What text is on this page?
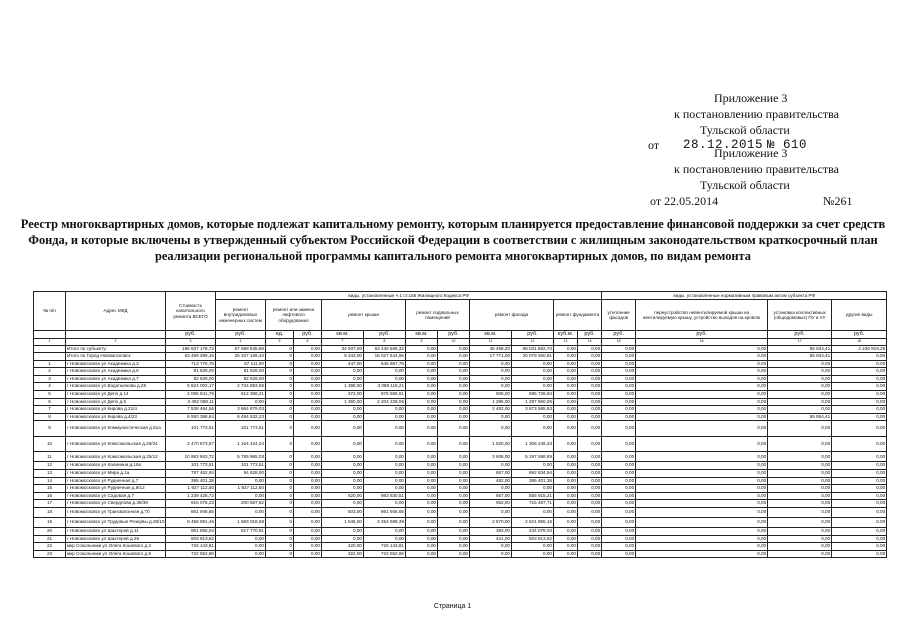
Приложение 3
к постановлению правительства
Тульской области
от 28.12.2015 № 610
Приложение 3
к постановлению правительства
Тульской области
от 22.05.2014	№261
Реестр многоквартирных домов, которые подлежат капитальному ремонту, которым планируется предоставление финансовой поддержки за счет средств Фонда, и которые включены в утвержденный субъектом Российской Федерации в соответствии с жилищным законодательством краткосрочный план реализации региональной программы капитального ремонта многоквартирных домов, по видам ремонта
№ п/п	Адрес МКД	Стоимость капитального ремонта ВСЕГО	виды, установленные ч.1 ст.166 Жилищного Кодекса РФ											виды, установленные нормативным правовым актом субъекта РФ			
			ремонт внутридомовых инженерных систем	ремонт или замена лифтового оборудования		ремонт крыши		ремонт подвальных помещений		ремонт фасада		ремонт фундамента		утепление фасадов	переустройство невентилируемой крыши на вентилируемую крышу, устройство выходов на кровлю	установка коллективных (общедомовых) ПУ и УУ	другие виды
		руб.	руб.	ед.	руб.	кв.м.	руб.	кв.м.	руб.	кв.м.	руб.	куб.м.	руб.	руб.	руб.	руб.	руб.
1	2	3	4	5	6	7	8	9	10	11	12	13	14	15	16	17	18
	Итого по субъекту:	198 837 178,72	67 068 635,58	0	0,00	34 937,00	63 435 586,32	0,00	0,00	45 498,20	68 031 682,73	0,00	0,00	0,00	0,00	55 834,41	2 226 919,28
	Итого по Город Новомосковск	63 499 389,15	25 337 169,43	0	0,00	9 343,00	18 027 644,86	0,00	0,00	17 771,00	20 079 360,81	0,00	0,00	0,00	0,00	55 834,41	0,00
1	г Новомосковск ул Академика д.3	713 776,76	67 111,00	0	0,00	447,00	646 567,76	0,00	0,00	0,00	0,00	0,00	0,00	0,00	0,00	0,00	0,00
2	г Новомосковск ул Академика д.6	81 629,00	81 629,00	0	0,00	0,00	0,00	0,00	0,00	0,00	0,00	0,00	0,00	0,00	0,00	0,00	0,00
3	г Новомосковск ул Академика д.7	82 629,00	82 629,00	0	0,00	0,00	0,00	0,00	0,00	0,00	0,00	0,00	0,00	0,00	0,00	0,00	0,00
4	г Новомосковск ул Водопьянова д.28	5 824 002,17	2 734 883,96	0	0,00	1 398,00	3 089 118,21	0,00	0,00	0,00	0,00	0,00	0,00	0,00	0,00	0,00	0,00
5	г Новомосковск ул Депо д.14	2 085 541,76	612 368,21	0	0,00	372,00	876 658,61	0,00	0,00	605,00	595 726,94	0,00	0,00	0,00	0,00	0,00	0,00
6	г Новомосковск ул Депо д.5	3 492 088,11	0,00	0	0,00	1 360,00	2 204 228,06	0,00	0,00	1 296,00	1 287 860,05	0,00	0,00	0,00	0,00	0,00	0,00
7	г Новомосковск ул Кирова д.21/4	7 538 464,56	3 664 879,03	0	0,00	0,00	0,00	0,00	0,00	2 482,00	3 873 585,53	0,00	0,00	0,00	0,00	0,00	0,00
8	г Новомосковск ул Кирова д.4/23	6 550 386,64	6 494 532,23	0	0,00	0,00	0,00	0,00	0,00	0,00	0,00	0,00	0,00	0,00	0,00	55 854,41	0,00
9	г Новомосковск ул Коммунистическая д.51а	101 773,51	101 773,51	0	0,00	0,00	0,00	0,00	0,00	0,00	0,00	0,00	0,00	0,00	0,00	0,00	0,00
10	г Новомосковск ул Комсомольская д.26/24	2 470 673,57	1 164 424,24	0	0,00	0,00	0,00	0,00	0,00	1 520,00	1 306 249,33	0,00	0,00	0,00	0,00	0,00	0,00
11	г Новомосковск ул Комсомольская д.25/12	10 983 563,72	5 785 965,03	0	0,00	0,00	0,00	0,00	0,00	3 606,00	5 197 598,69	0,00	0,00	0,00	0,00	0,00	0,00
12	г Новомосковск ул Калинина д.16а	101 773,51	101 773,51	0	0,00	0,00	0,00	0,00	0,00	0,00	0,00	0,00	0,00	0,00	0,00	0,00	0,00
13	г Новомосковск ул Мира д.1а	787 462,94	94 628,00	0	0,00	0,00	0,00	0,00	0,00	857,00	692 834,94	0,00	0,00	0,00	0,00	0,00	0,00
14	г Новомосковск ул Рудничная д.7	395 401,38	0,00	0	0,00	0,00	0,00	0,00	0,00	482,00	395 401,38	0,00	0,00	0,00	0,00	0,00	0,00
15	г Новомосковск ул Рудничная д.9/12	1 927 112,50	1 927 112,50	0	0,00	0,00	0,00	0,00	0,00	0,00	0,00	0,00	0,00	0,00	0,00	0,00	0,00
16	г Новомосковск ул Садовая д.7	1 239 425,72	0,00	0	0,00	620,00	983 530,51	0,00	0,00	667,00	555 915,21	0,00	0,00	0,00	0,00	0,00	0,00
17	г Новомосковск ул Свердлова д.39/38	916 075,23	200 587,52	0	0,00	0,00	0,00	0,00	0,00	952,00	715 487,71	0,00	0,00	0,00	0,00	0,00	0,00
18	г Новомосковск ул Трансвагонная д.7б	861 946,65	0,00	0	0,00	503,00	861 946,65	0,00	0,00	0,00	0,00	0,00	0,00	0,00	0,00	0,00	0,00
19	г Новомосковск ул Трудовые Резервы д.28/10	8 458 691,46	1 583 018,68	0	0,00	1 546,00	4 254 699,39	0,00	0,00	2 570,00	2 621 965,15	0,00	0,00	0,00	0,00	0,00	0,00
20	г Новомосковск ул Шахтеров д.11	951 855,04	517 770,91	0	0,00	0,00	0,00	0,00	0,00	393,00	434 078,03	0,00	0,00	0,00	0,00	0,00	0,00
21	г Новомосковск ул Шахтеров д.25	503 813,52	0,00	0	0,00	0,00	0,00	0,00	0,00	421,00	503 813,52	0,00	0,00	0,00	0,00	0,00	0,00
22	мкр Сокольники ул Олега Кошевого д.2	726 143,81	0,00	0	0,00	420,00	726 143,81	0,00	0,00	0,00	0,00	0,00	0,00	0,00	0,00	0,00	0,00
23	мкр Сокольники ул Олега Кошевого д.5	722 552,86	0,00	0	0,00	322,00	722 552,86	0,00	0,00	0,00	0,00	0,00	0,00	0,00	0,00	0,00	0,00
Страница 1
